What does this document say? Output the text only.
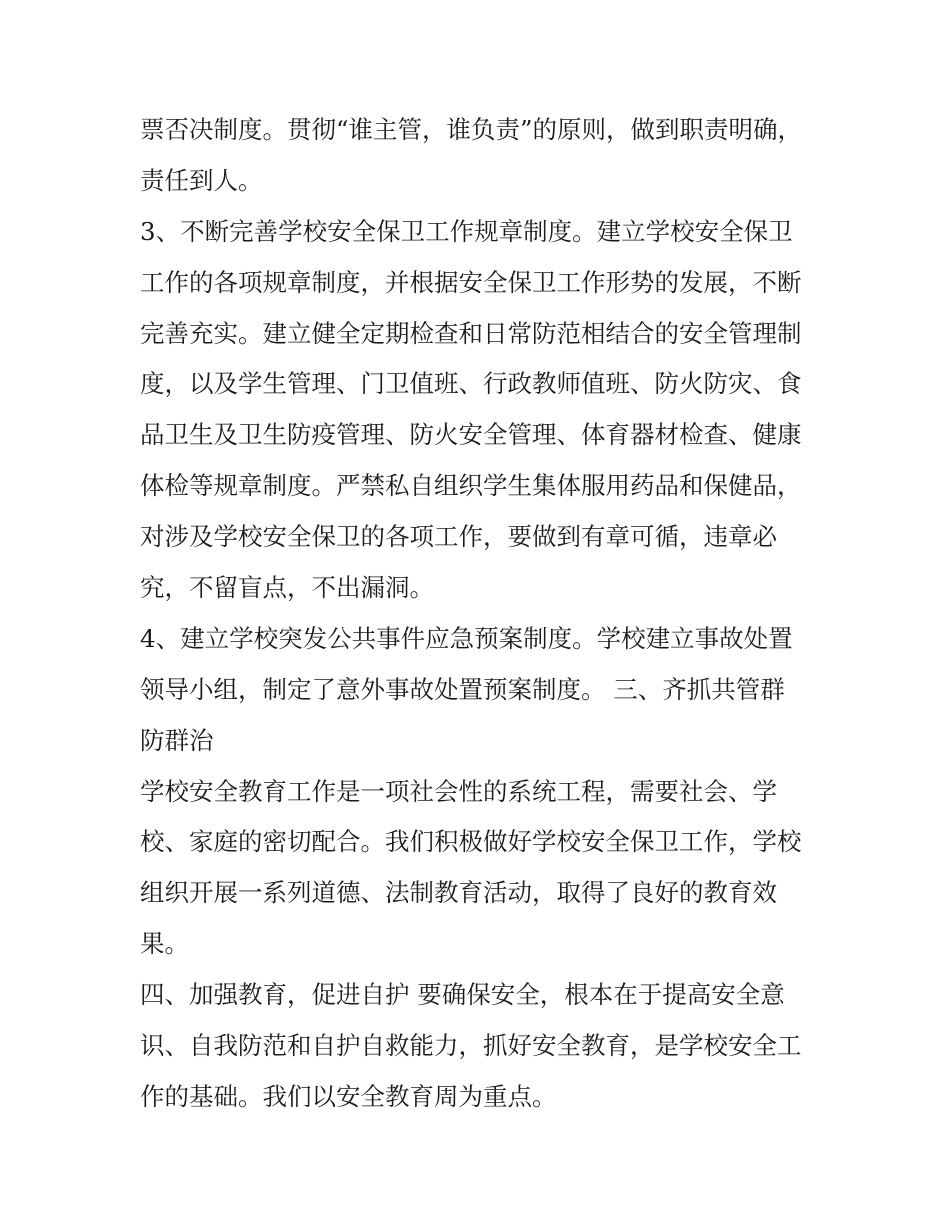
票否决制度。贯彻“谁主管，谁负责”的原则，做到职责明确，
责任到人。
3、不断完善学校安全保卫工作规章制度。建立学校安全保卫
工作的各项规章制度，并根据安全保卫工作形势的发展，不断
完善充实。建立健全定期检查和日常防范相结合的安全管理制
度，以及学生管理、门卫值班、行政教师值班、防火防灾、食
品卫生及卫生防疫管理、防火安全管理、体育器材检查、健康
体检等规章制度。严禁私自组织学生集体服用药品和保健品，
对涉及学校安全保卫的各项工作，要做到有章可循，违章必
究，不留盲点，不出漏洞。
4、建立学校突发公共事件应急预案制度。学校建立事故处置
领导小组，制定了意外事故处置预案制度。 三、齐抓共管群
防群治
学校安全教育工作是一项社会性的系统工程，需要社会、学
校、家庭的密切配合。我们积极做好学校安全保卫工作，学校
组织开展一系列道德、法制教育活动，取得了良好的教育效
果。
四、加强教育，促进自护 要确保安全，根本在于提高安全意
识、自我防范和自护自救能力，抓好安全教育，是学校安全工
作的基础。我们以安全教育周为重点。
